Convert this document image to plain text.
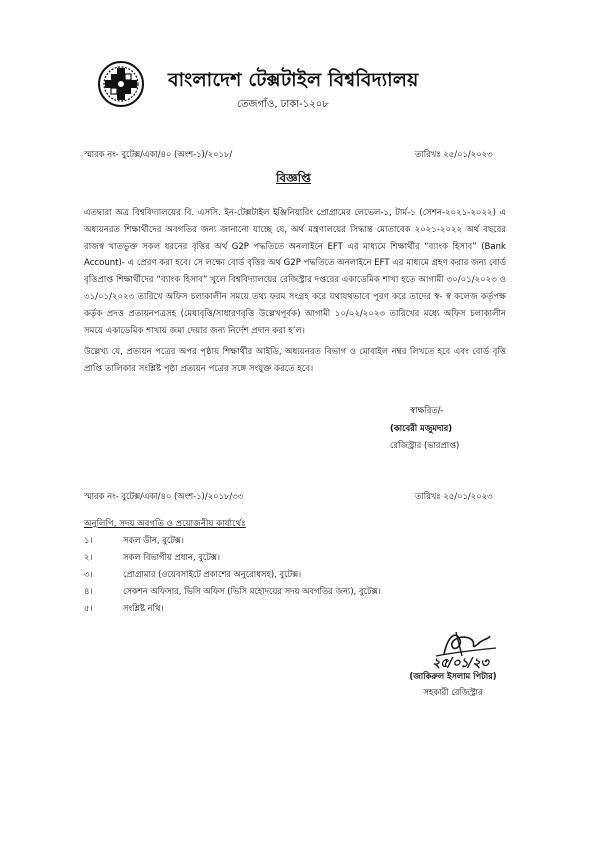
বাংলাদেশ টেক্সটাইল বিশ্ববিদ্যালয়
তেজগাঁও, ঢাকা-১২০৮
স্মারক নং- বুটেক্স/একা/৪০ (অংশ-১)/২০১৮/	তারিখঃ ২৫/০১/২০২৩
বিজ্ঞপ্তি
এতদ্বারা অত্র বিশ্ববিদ্যালয়ের বি. এসসি. ইন-টেক্সটাইল ইঞ্জিনিয়ারিং প্রোগ্রামের লেভেল-১, টার্ম-১ (সেশন-২০২১-২০২২) এ অধ্যয়নরত শিক্ষার্থীদের অবগতির জন্য জানানো যাচ্ছে যে, অর্থ মন্ত্রণালয়ের সিদ্ধান্ত মোতাবেক ২০২১-২০২২ অর্থ বছরের রাজস্ব খাতভুক্ত সকল ধরনের বৃত্তির অর্থ G2P পদ্ধতিতে অনলাইনে EFT এর মাধ্যমে শিক্ষার্থীর “ব্যাংক হিসাব” (Bank Account)- এ প্রেরণ করা হবে। সে লক্ষ্যে বোর্ড বৃত্তির অর্থ G2P পদ্ধতিতে অনলাইনে EFT এর মাধ্যমে গ্রহণ করার জন্য বোর্ড বৃত্তিপ্রাপ্ত শিক্ষার্থীদের “ব্যাংক হিসাব” খুলে বিশ্ববিদ্যালয়ের রেজিস্ট্রার দপ্তরের একাডেমিক শাখা হতে আগামী ৩০/০১/২০২৩ ও ৩১/০১/২০২৩ তারিখে অফিস চলাকালীন সময়ে তথ্য ফরম সংগ্রহ করে যথাযথভাবে পূরণ করে তাদের স্ব- স্ব কলেজ কর্তৃপক্ষ কর্তৃক প্রদত্ত প্রত্যয়নপত্রসহ (মেধাবৃত্তি/সাধারণবৃত্তি উল্লেখপূর্বক) আগামী ১০/০২/২০২৩ তারিখের মধ্যে অফিস চলাকালীন সময়ে একাডেমিক শাখায় জমা দেয়ার জন্য নির্দেশ প্রদান করা হ’ল।
উল্লেখ্য যে, প্রত্যয়ন পত্রের অপর পৃষ্ঠায় শিক্ষার্থীর আইডি, অধ্যয়নরত বিভাগ ও মোবাইল নম্বর লিখতে হবে এবং বোর্ড বৃত্তি প্রাপ্তি তালিকার সংশ্লিষ্ট পৃষ্ঠা প্রত্যয়ন পত্রের সঙ্গে সংযুক্ত করতে হবে।
স্বাক্ষরিত/-
(কাবেরী মজুমদার)
রেজিস্ট্রার (ভারপ্রাপ্ত)
স্মারক নং- বুটেক্স/একা/৪০ (অংশ-১)/২০১৮/৩৩	তারিখঃ ২৫/০১/২০২৩
অনুলিপি, সদয় অবগতি ও প্রয়োজনীয় কার্যার্থেঃ
১।	সকল ডীন, বুটেক্স।
২।	সকল বিভাগীয় প্রধান, বুটেক্স।
৩।	প্রোগ্রামার (ওয়েবসাইটে প্রকাশের অনুরোধসহ), বুটেক্স।
৪।	সেকশন অফিসার, ভিসি অফিস (ভিসি মহোদয়ের সদয় অবগতির জন্য), বুটেক্স।
৫।	সংশ্লিষ্ট নথি।
২৫/০১/২৩
(জাকিরুল ইসলাম পিটার)
সহকারী রেজিস্ট্রার
